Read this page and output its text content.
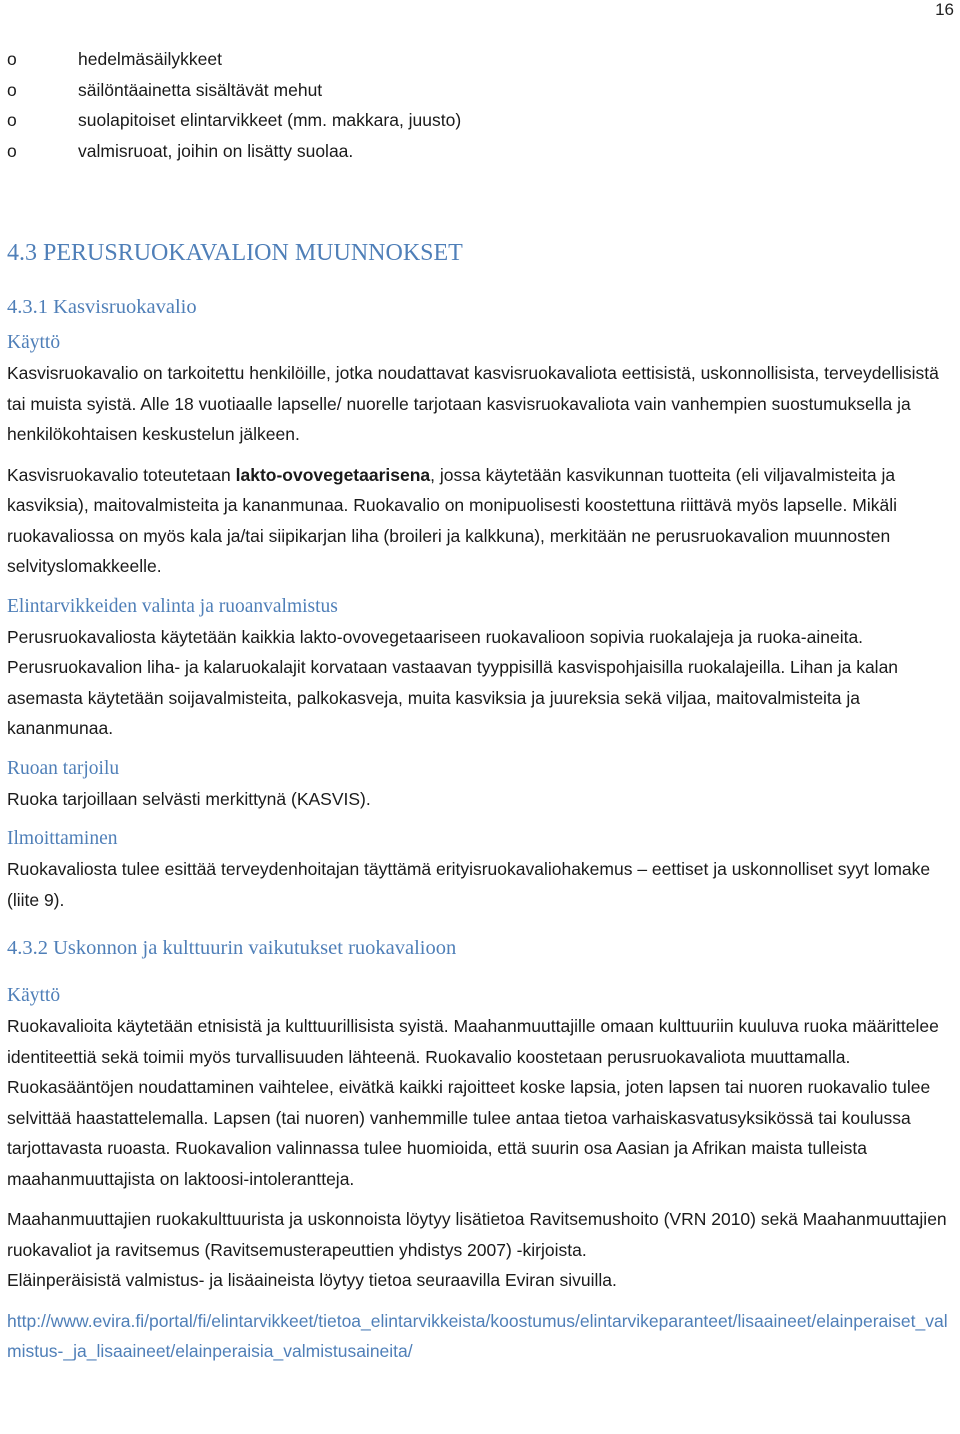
16
o	hedelmäsäilykkeet
o	säilöntäainetta sisältävät mehut
o	suolapitoiset elintarvikkeet (mm. makkara, juusto)
o	valmisruoat, joihin on lisätty suolaa.
4.3 PERUSRUOKAVALION MUUNNOKSET
4.3.1 Kasvisruokavalio
Käyttö

Kasvisruokavalio on tarkoitettu henkilöille, jotka noudattavat kasvisruokavaliota eettisistä, uskonnollisista, terveydellisistä tai muista syistä. Alle 18 vuotiaalle lapselle/ nuorelle tarjotaan kasvisruokavaliota vain vanhempien suostumuksella ja henkilökohtaisen keskustelun jälkeen.

Kasvisruokavalio toteutetaan lakto-ovovegetaarisena, jossa käytetään kasvikunnan tuotteita (eli viljavalmisteita ja kasviksia), maitovalmisteita ja kananmunaa. Ruokavalio on monipuolisesti koostettuna riittävä myös lapselle. Mikäli ruokavaliossa on myös kala ja/tai siipikarjan liha (broileri ja kalkkuna), merkitään ne perusruokavalion muunnosten selvityslomakkeelle.

Elintarvikkeiden valinta ja ruoanvalmistus

Perusruokavaliosta käytetään kaikkia lakto-ovovegetaariseen ruokavalioon sopivia ruokalajeja ja ruoka-aineita. Perusruokavalion liha- ja kalaruokalajit korvataan vastaavan tyyppisillä kasvispohjaisilla ruokalajeilla. Lihan ja kalan asemasta käytetään soijavalmisteita, palkokasveja, muita kasviksia ja juureksia sekä viljaa, maitovalmisteita ja kananmunaa.

Ruoan tarjoilu

Ruoka tarjoillaan selvästi merkittynä (KASVIS).

Ilmoittaminen

Ruokavaliosta tulee esittää terveydenhoitajan täyttämä erityisruokavaliohakemus – eettiset ja uskonnolliset syyt lomake (liite 9).

4.3.2 Uskonnon ja kulttuurin vaikutukset ruokavalioon
Käyttö

Ruokavalioita käytetään etnisistä ja kulttuurillisista syistä. Maahanmuuttajille omaan kulttuuriin kuuluva ruoka määrittelee identiteettiä sekä toimii myös turvallisuuden lähteenä. Ruokavalio koostetaan perusruokavaliota muuttamalla. Ruokasääntöjen noudattaminen vaihtelee, eivätkä kaikki rajoitteet koske lapsia, joten lapsen tai nuoren ruokavalio tulee selvittää haastattelemalla. Lapsen (tai nuoren) vanhemmille tulee antaa tietoa varhaiskasvatusyksikössä tai koulussa tarjottavasta ruoasta. Ruokavalion valinnassa tulee huomioida, että suurin osa Aasian ja Afrikan maista tulleista maahanmuuttajista on laktoosi-intolerantteja.

Maahanmuuttajien ruokakulttuurista ja uskonnoista löytyy lisätietoa Ravitsemushoito (VRN 2010) sekä Maahanmuuttajien ruokavaliot ja ravitsemus (Ravitsemusterapeuttien yhdistys 2007) -kirjoista.

Eläinperäisistä valmistus- ja lisäaineista löytyy tietoa seuraavilla Eviran sivuilla.

http://www.evira.fi/portal/fi/elintarvikkeet/tietoa_elintarvikkeista/koostumus/elintarvikeparanteet/lisaaineet/elainperaiset_valmistus-_ja_lisaaineet/elainperaisia_valmistusaineita/
